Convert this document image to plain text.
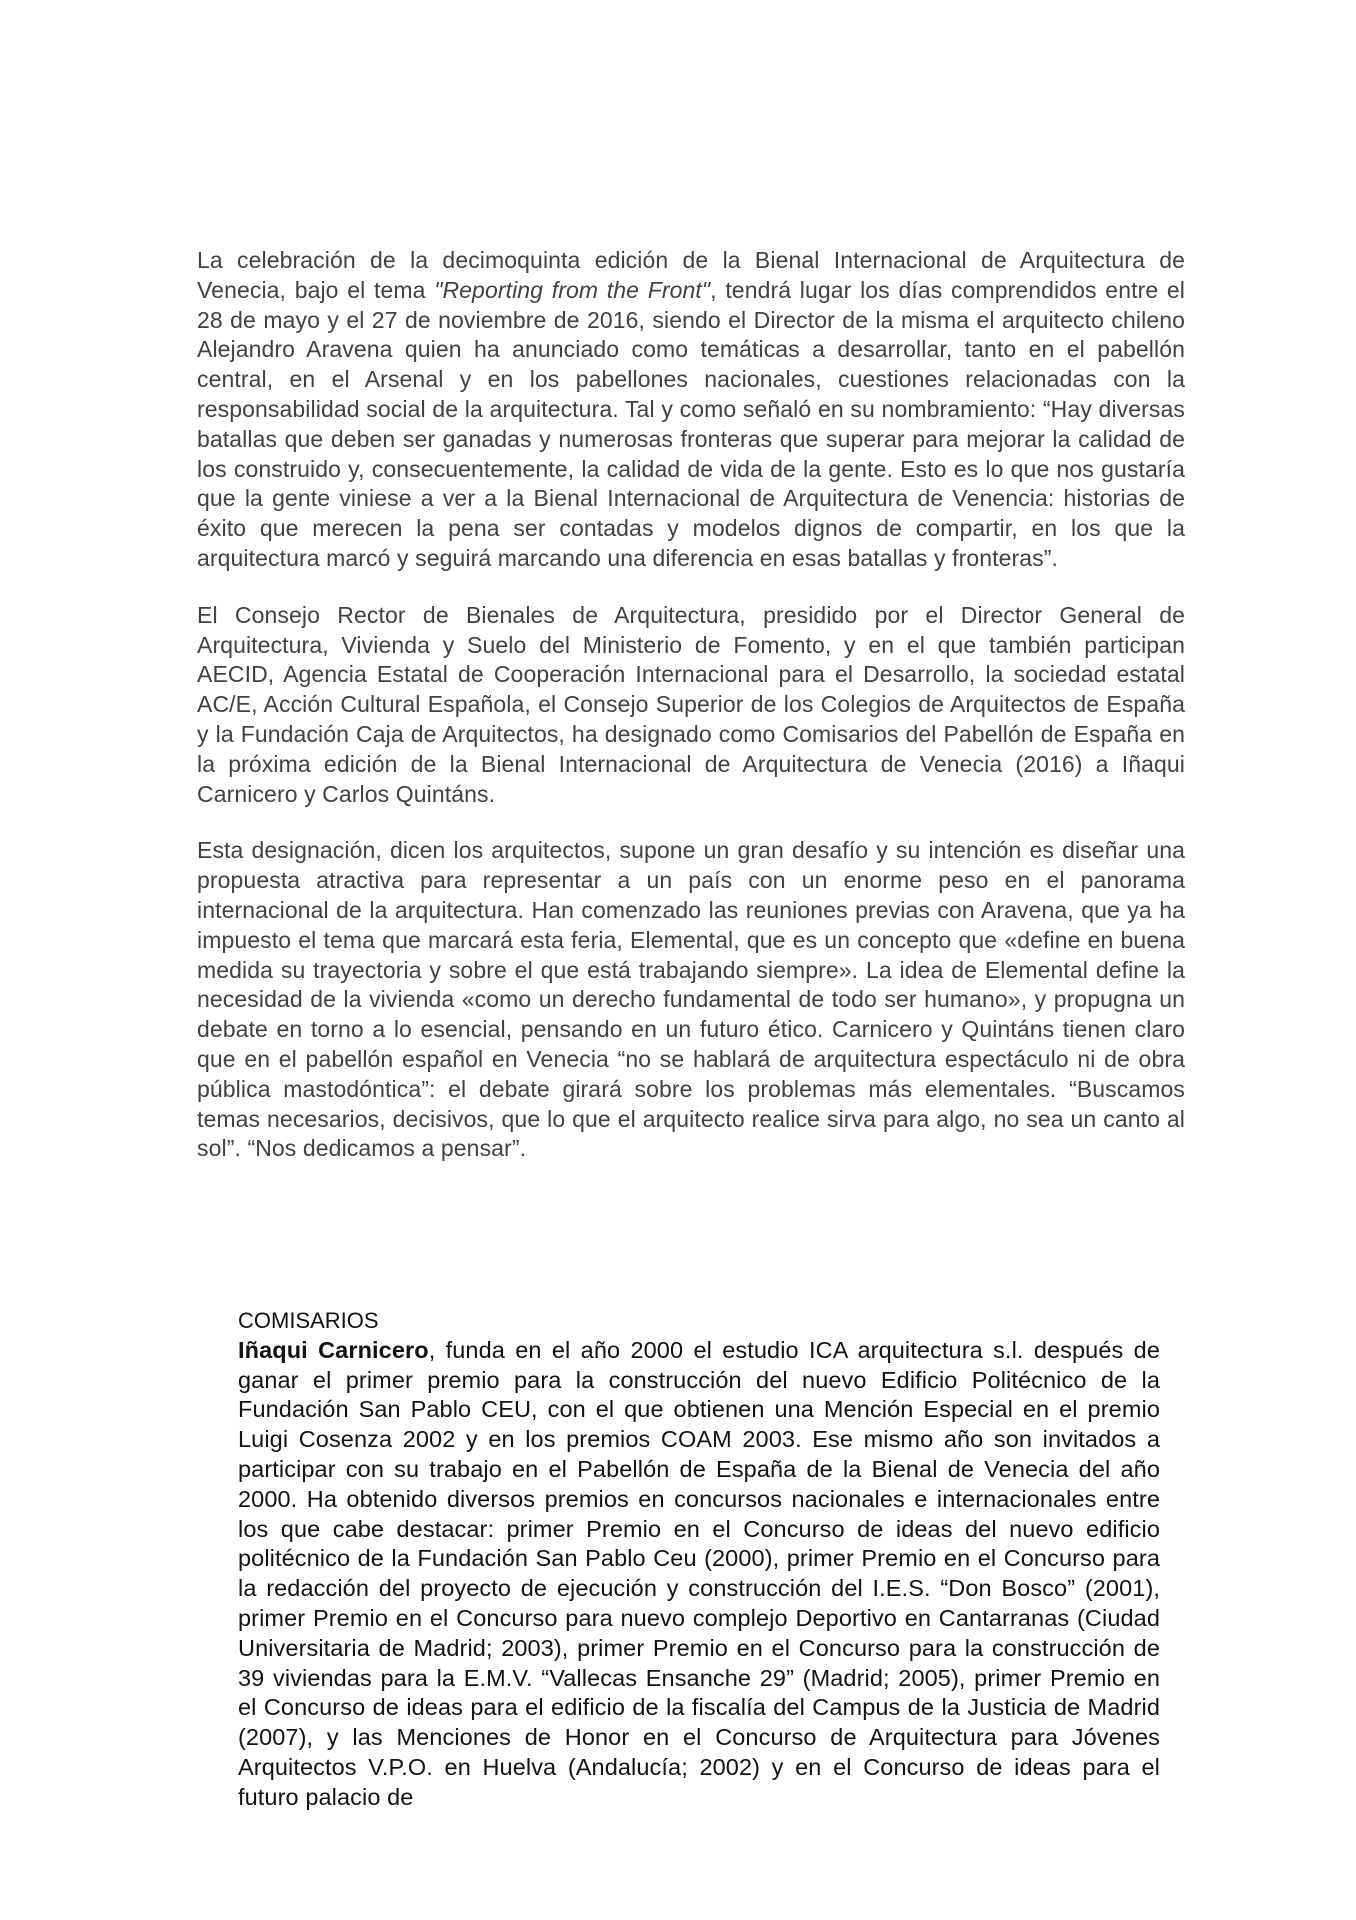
La celebración de la decimoquinta edición de la Bienal Internacional de Arquitectura de Venecia, bajo el tema "Reporting from the Front", tendrá lugar los días comprendidos entre el 28 de mayo y el 27 de noviembre de 2016, siendo el Director de la misma el arquitecto chileno Alejandro Aravena quien ha anunciado como temáticas a desarrollar, tanto en el pabellón central, en el Arsenal y en los pabellones nacionales, cuestiones relacionadas con la responsabilidad social de la arquitectura. Tal y como señaló en su nombramiento: “Hay diversas batallas que deben ser ganadas y numerosas fronteras que superar para mejorar la calidad de los construido y, consecuentemente, la calidad de vida de la gente. Esto es lo que nos gustaría que la gente viniese a ver a la Bienal Internacional de Arquitectura de Venencia: historias de éxito que merecen la pena ser contadas y modelos dignos de compartir, en los que la arquitectura marcó y seguirá marcando una diferencia en esas batallas y fronteras”.

El Consejo Rector de Bienales de Arquitectura, presidido por el Director General de Arquitectura, Vivienda y Suelo del Ministerio de Fomento, y en el que también participan AECID, Agencia Estatal de Cooperación Internacional para el Desarrollo, la sociedad estatal AC/E, Acción Cultural Española, el Consejo Superior de los Colegios de Arquitectos de España y la Fundación Caja de Arquitectos, ha designado como Comisarios del Pabellón de España en la próxima edición de la Bienal Internacional de Arquitectura de Venecia (2016) a Iñaqui Carnicero y Carlos Quintáns.

Esta designación, dicen los arquitectos, supone un gran desafío y su intención es diseñar una propuesta atractiva para representar a un país con un enorme peso en el panorama internacional de la arquitectura. Han comenzado las reuniones previas con Aravena, que ya ha impuesto el tema que marcará esta feria, Elemental, que es un concepto que «define en buena medida su trayectoria y sobre el que está trabajando siempre». La idea de Elemental define la necesidad de la vivienda «como un derecho fundamental de todo ser humano», y propugna un debate en torno a lo esencial, pensando en un futuro ético. Carnicero y Quintáns tienen claro que en el pabellón español en Venecia “no se hablará de arquitectura espectáculo ni de obra pública mastodóntica”: el debate girará sobre los problemas más elementales. “Buscamos temas necesarios, decisivos, que lo que el arquitecto realice sirva para algo, no sea un canto al sol”. “Nos dedicamos a pensar”.

COMISARIOS

Iñaqui Carnicero, funda en el año 2000 el estudio ICA arquitectura s.l. después de ganar el primer premio para la construcción del nuevo Edificio Politécnico de la Fundación San Pablo CEU, con el que obtienen una Mención Especial en el premio Luigi Cosenza 2002 y en los premios COAM 2003. Ese mismo año son invitados a participar con su trabajo en el Pabellón de España de la Bienal de Venecia del año 2000. Ha obtenido diversos premios en concursos nacionales e internacionales entre los que cabe destacar: primer Premio en el Concurso de ideas del nuevo edificio politécnico de la Fundación San Pablo Ceu (2000), primer Premio en el Concurso para la redacción del proyecto de ejecución y construcción del I.E.S. “Don Bosco” (2001), primer Premio en el Concurso para nuevo complejo Deportivo en Cantarranas (Ciudad Universitaria de Madrid; 2003), primer Premio en el Concurso para la construcción de 39 viviendas para la E.M.V. “Vallecas Ensanche 29” (Madrid; 2005), primer Premio en el Concurso de ideas para el edificio de la fiscalía del Campus de la Justicia de Madrid (2007), y las Menciones de Honor en el Concurso de Arquitectura para Jóvenes Arquitectos V.P.O. en Huelva (Andalucía; 2002) y en el Concurso de ideas para el futuro palacio de
